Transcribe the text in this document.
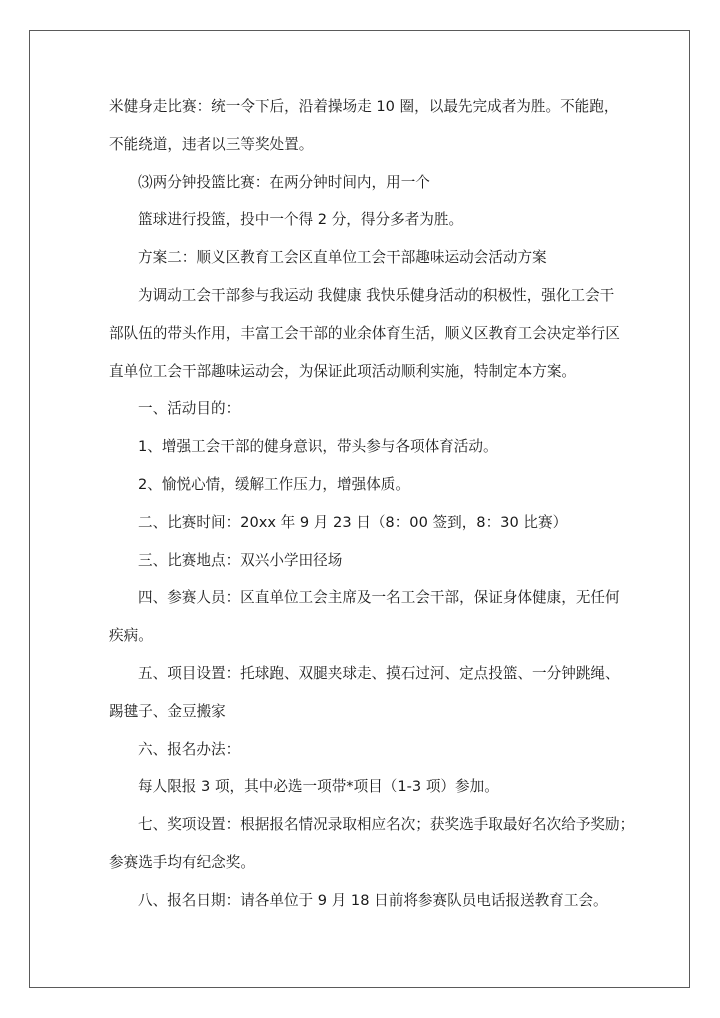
米健身走比赛：统一令下后，沿着操场走 10 圈，以最先完成者为胜。不能跑，
不能绕道，违者以三等奖处置。
⑶两分钟投篮比赛：在两分钟时间内，用一个
篮球进行投篮，投中一个得 2 分，得分多者为胜。
方案二：顺义区教育工会区直单位工会干部趣味运动会活动方案
为调动工会干部参与我运动 我健康 我快乐健身活动的积极性，强化工会干
部队伍的带头作用，丰富工会干部的业余体育生活，顺义区教育工会决定举行区
直单位工会干部趣味运动会，为保证此项活动顺利实施，特制定本方案。
一、活动目的：
1、增强工会干部的健身意识，带头参与各项体育活动。
2、愉悦心情，缓解工作压力，增强体质。
二、比赛时间：20xx 年 9 月 23 日（8：00 签到，8：30 比赛）
三、比赛地点：双兴小学田径场
四、参赛人员：区直单位工会主席及一名工会干部，保证身体健康，无任何
疾病。
五、项目设置：托球跑、双腿夹球走、摸石过河、定点投篮、一分钟跳绳、
踢毽子、金豆搬家
六、报名办法：
每人限报 3 项，其中必选一项带*项目（1-3 项）参加。
七、奖项设置：根据报名情况录取相应名次；获奖选手取最好名次给予奖励；
参赛选手均有纪念奖。
八、报名日期：请各单位于 9 月 18 日前将参赛队员电话报送教育工会。
